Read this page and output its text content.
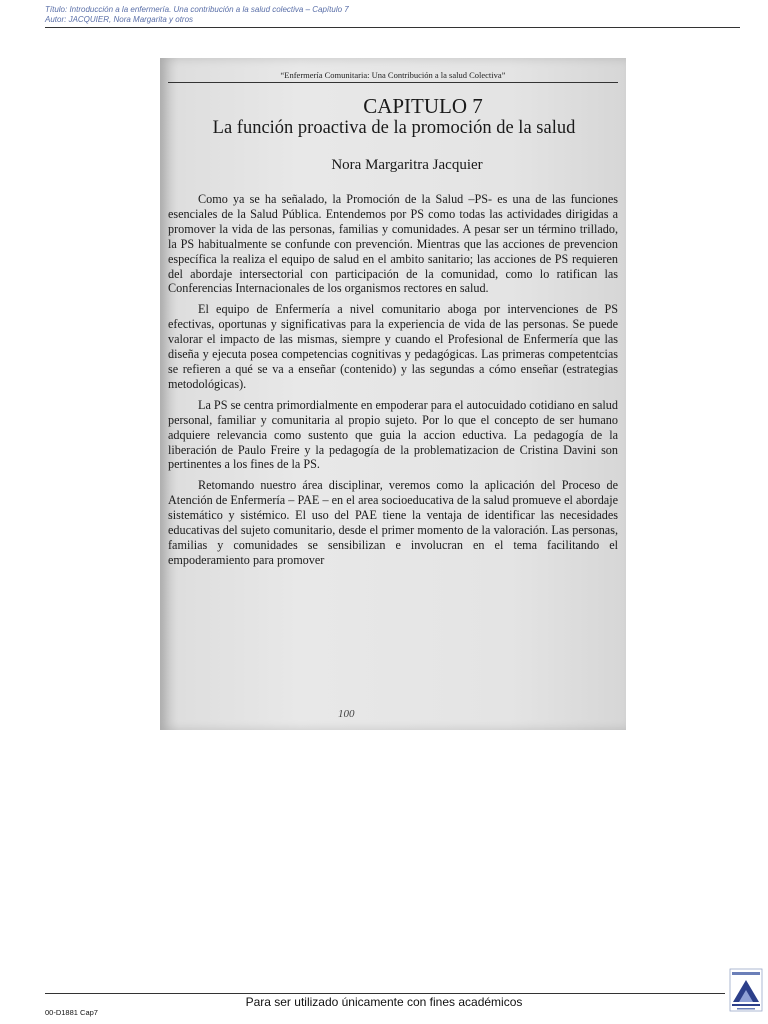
Título: Introducción a la enfermería. Una contribución a la salud colectiva – Capítulo 7
Autor: JACQUIER, Nora Margarita y otros
“Enfermería Comunitaria: Una Contribución a la salud Colectiva”
CAPITULO 7
La función proactiva de la promoción de la salud
Nora Margaritra Jacquier

Como ya se ha señalado, la Promoción de la Salud –PS- es una de las funciones esenciales de la Salud Pública. Entendemos por PS como todas las actividades dirigidas a promover la vida de las personas, familias y comunidades. A pesar ser un término trillado, la PS habitualmente se confunde con prevención. Mientras que las acciones de prevencion específica la realiza el equipo de salud en el ambito sanitario; las acciones de PS requieren del abordaje intersectorial con participación de la comunidad, como lo ratifican las Conferencias Internacionales de los organismos rectores en salud.

El equipo de Enfermería a nivel comunitario aboga por intervenciones de PS efectivas, oportunas y significativas para la experiencia de vida de las personas. Se puede valorar el impacto de las mismas, siempre y cuando el Profesional de Enfermería que las diseña y ejecuta posea competencias cognitivas y pedagógicas. Las primeras competentcias se refieren a qué se va a enseñar (contenido) y las segundas a cómo enseñar (estrategias metodológicas).

La PS se centra primordialmente en empoderar para el autocuidado cotidiano en salud personal, familiar y comunitaria al propio sujeto. Por lo que el concepto de ser humano adquiere relevancia como sustento que guia la accion eductiva. La pedagogía de la liberación de Paulo Freire y la pedagogía de la problematizacion de Cristina Davini son pertinentes a los fines de la PS.

Retomando nuestro área disciplinar, veremos como la aplicación del Proceso de Atención de Enfermería – PAE – en el area socioeducativa de la salud promueve el abordaje sistemático y sistémico. El uso del PAE tiene la ventaja de identificar las necesidades educativas del sujeto comunitario, desde el primer momento de la valoración. Las personas, familias y comunidades se sensibilizan e involucran en el tema facilitando el empoderamiento para promover

100
Para ser utilizado únicamente con fines académicos
00-D1881 Cap7
